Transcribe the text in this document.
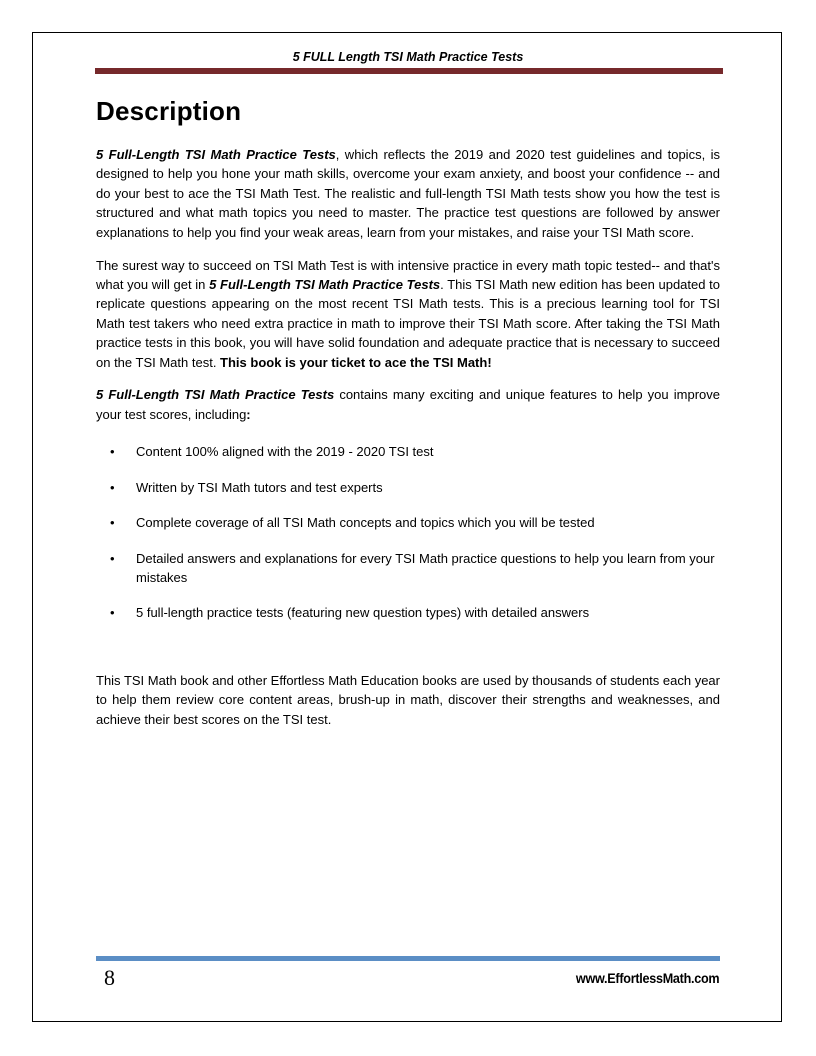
5 FULL Length TSI Math Practice Tests
Description

5 Full-Length TSI Math Practice Tests, which reflects the 2019 and 2020 test guidelines and topics, is designed to help you hone your math skills, overcome your exam anxiety, and boost your confidence -- and do your best to ace the TSI Math Test. The realistic and full-length TSI Math tests show you how the test is structured and what math topics you need to master. The practice test questions are followed by answer explanations to help you find your weak areas, learn from your mistakes, and raise your TSI Math score.

The surest way to succeed on TSI Math Test is with intensive practice in every math topic tested-- and that's what you will get in 5 Full-Length TSI Math Practice Tests. This TSI Math new edition has been updated to replicate questions appearing on the most recent TSI Math tests. This is a precious learning tool for TSI Math test takers who need extra practice in math to improve their TSI Math score. After taking the TSI Math practice tests in this book, you will have solid foundation and adequate practice that is necessary to succeed on the TSI Math test. This book is your ticket to ace the TSI Math!

5 Full-Length TSI Math Practice Tests contains many exciting and unique features to help you improve your test scores, including:

• Content 100% aligned with the 2019 - 2020 TSI test
• Written by TSI Math tutors and test experts
• Complete coverage of all TSI Math concepts and topics which you will be tested
• Detailed answers and explanations for every TSI Math practice questions to help you learn from your mistakes
• 5 full-length practice tests (featuring new question types) with detailed answers

This TSI Math book and other Effortless Math Education books are used by thousands of students each year to help them review core content areas, brush-up in math, discover their strengths and weaknesses, and achieve their best scores on the TSI test.

8	www.EffortlessMath.com
